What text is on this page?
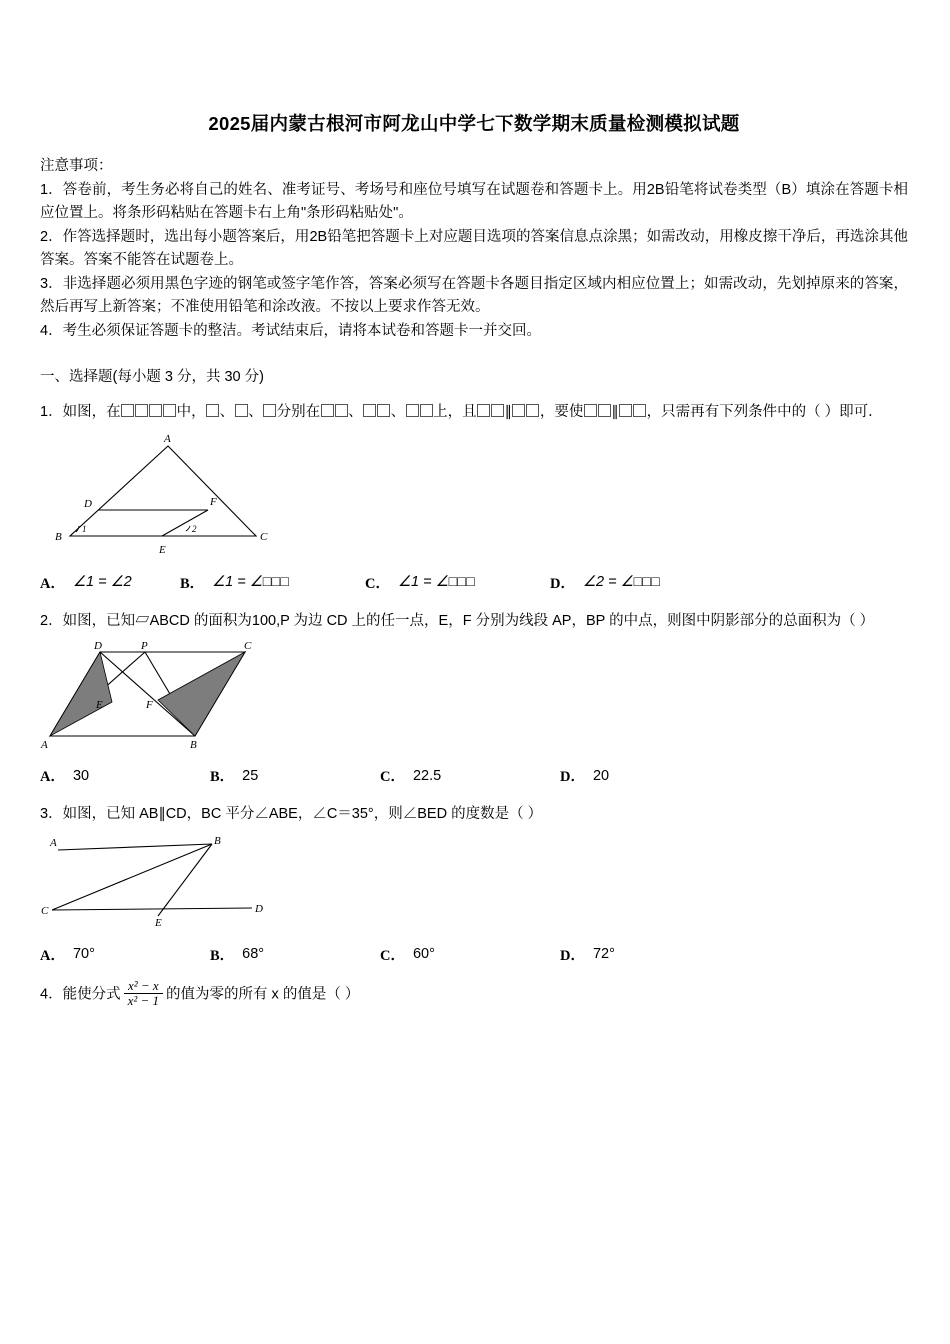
2025届内蒙古根河市阿龙山中学七下数学期末质量检测模拟试题

注意事项：

1．答卷前，考生务必将自己的姓名、准考证号、考场号和座位号填写在试题卷和答题卡上。用2B铅笔将试卷类型（B）填涂在答题卡相应位置上。将条形码粘贴在答题卡右上角"条形码粘贴处"。

2．作答选择题时，选出每小题答案后，用2B铅笔把答题卡上对应题目选项的答案信息点涂黑；如需改动，用橡皮擦干净后，再选涂其他答案。答案不能答在试题卷上。

3．非选择题必须用黑色字迹的钢笔或签字笔作答，答案必须写在答题卡各题目指定区域内相应位置上；如需改动，先划掉原来的答案，然后再写上新答案；不准使用铅笔和涂改液。不按以上要求作答无效。

4．考生必须保证答题卡的整洁。考试结束后，请将本试卷和答题卡一并交回。

一、选择题(每小题 3 分，共 30 分)

1．如图，在	中， 、 、 分别在 、 、 上，且 ∥ ，要使 ∥ ，只需再有下列条件中的（ ）即可．

A
D	F
B	C
E
1	2
A． ∠1 = ∠2	B． ∠1 = ∠□□□	C． ∠1 = ∠□□□	D． ∠2 = ∠□□□

2．如图，已知▱ABCD 的面积为100,P 为边 CD 上的任一点，E，F 分别为线段 AP，BP 的中点，则图中阴影部分的总面积为（ ）

D	P	C
E	F
A	B
A． 30	B． 25	C． 22.5	D． 20

3．如图，已知 AB∥CD，BC 平分∠ABE，∠C＝35°，则∠BED 的度数是（ ）

A	B
C	D
E
A． 70°	B． 68°	C． 60°	D． 72°

4．能使分式 $\frac{\text{x² − x}}{\text{x² − 1}}$ 的值为零的所有 x 的值是（ ）
